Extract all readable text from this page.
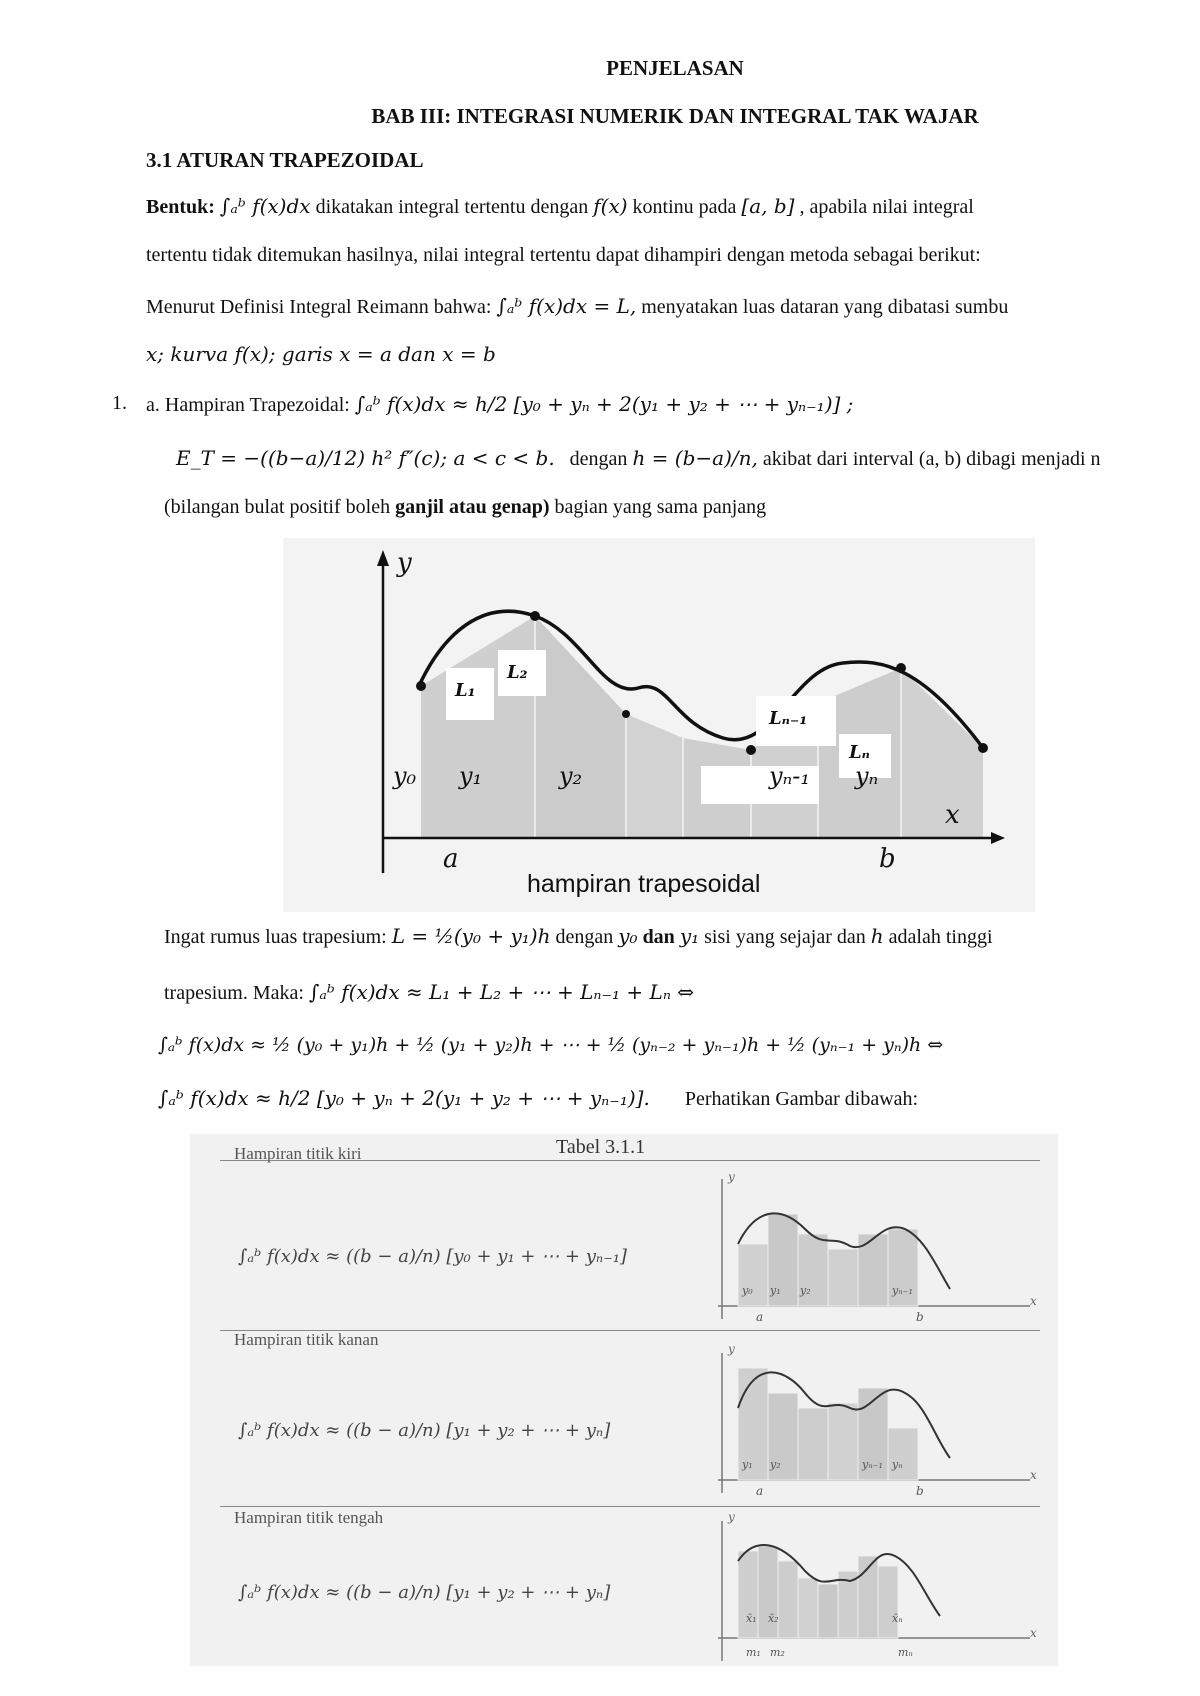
PENJELASAN
BAB III: INTEGRASI NUMERIK DAN INTEGRAL TAK WAJAR
3.1 ATURAN TRAPEZOIDAL
Bentuk: ∫ₐᵇ f(x)dx dikatakan integral tertentu dengan f(x) kontinu pada [a, b] , apabila nilai integral
tertentu tidak ditemukan hasilnya, nilai integral tertentu dapat dihampiri dengan metoda sebagai berikut:
Menurut Definisi Integral Reimann bahwa: ∫ₐᵇ f(x)dx = L, menyatakan luas dataran yang dibatasi sumbu
x; kurva f(x); garis x = a dan x = b
1. a. Hampiran Trapezoidal: ∫ₐᵇ f(x)dx ≈ h/2 [y₀ + yₙ + 2(y₁ + y₂ + ⋯ + yₙ₋₁)] ;
E_T = −((b−a)/12) h² f″(c); a < c < b. dengan h = (b−a)/n, akibat dari interval (a, b) dibagi menjadi n
(bilangan bulat positif boleh ganjil atau genap) bagian yang sama panjang
y
x
a	b
hampiran trapesoidal
L₁
L₂
Lₙ₋₁
Lₙ
y₀ y₁	y₂	yₙ-₁ yₙ
Ingat rumus luas trapesium: L = ½(y₀ + y₁)h dengan y₀ dan y₁ sisi yang sejajar dan h adalah tinggi
trapesium. Maka: ∫ₐᵇ f(x)dx ≈ L₁ + L₂ + ⋯ + Lₙ₋₁ + Lₙ ⇔
∫ₐᵇ f(x)dx ≈ ½ (y₀ + y₁)h + ½ (y₁ + y₂)h + ⋯ + ½ (yₙ₋₂ + yₙ₋₁)h + ½ (yₙ₋₁ + yₙ)h ⇔
∫ₐᵇ f(x)dx ≈ h/2 [y₀ + yₙ + 2(y₁ + y₂ + ⋯ + yₙ₋₁)]. Perhatikan Gambar dibawah:
Tabel 3.1.1
Hampiran titik kiri
∫ₐᵇ f(x)dx ≈ ((b − a)/n) [y₀ + y₁ + ⋯ + yₙ₋₁]
Hampiran titik kanan
∫ₐᵇ f(x)dx ≈ ((b − a)/n) [y₁ + y₂ + ⋯ + yₙ]
Hampiran titik tengah
∫ₐᵇ f(x)dx ≈ ((b − a)/n) [y₁ + y₂ + ⋯ + yₙ]
y
x
y₀ y₁ y₂	yₙ₋₁
a	b
y
x
y₁ y₂	yₙ₋₁ yₙ
a	b
y
x
x̄₁ x̄₂	x̄ₙ
m₁ m₂	mₙ
